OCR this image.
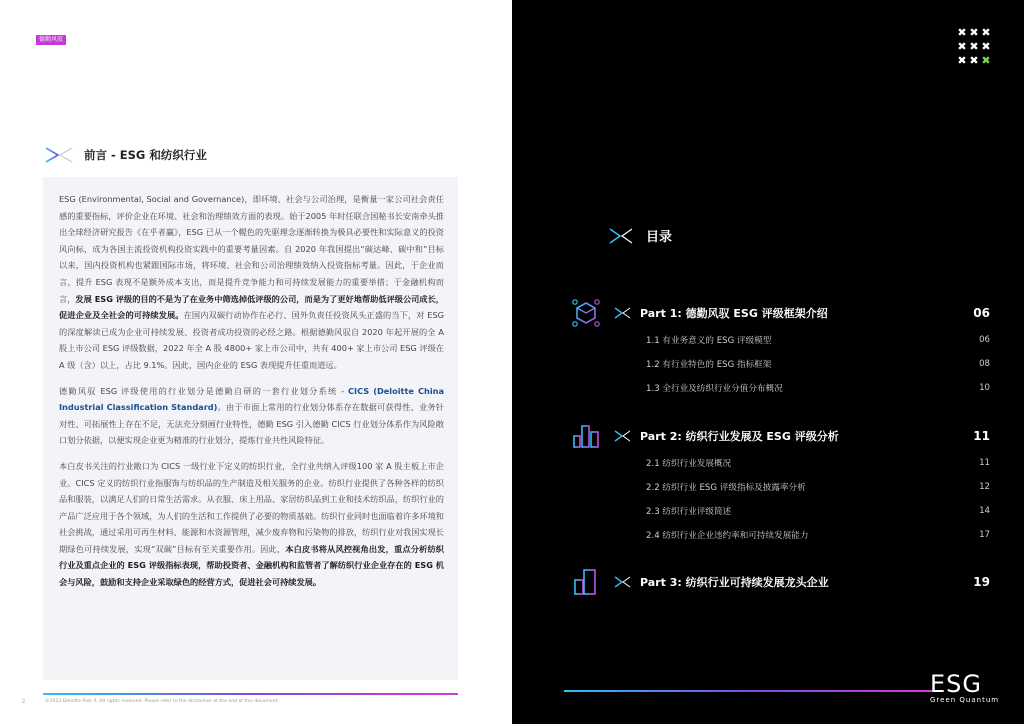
德勤风驭
前言 - ESG 和纺织行业

ESG (Environmental, Social and Governance)，即环境、社会与公司治理，是衡量一家公司社会责任感的重要指标，评价企业在环境、社会和治理绩效方面的表现。始于2005 年时任联合国秘书长安南牵头推出全球经济研究报告《在乎者赢》，ESG 已从一个幌色的先驱理念逐渐转换为极具必要性和实际意义的投资风向标，成为各国主流投资机构投资实践中的重要考量因素。自 2020 年我国提出“碳达峰、碳中和”目标以来，国内投资机构也紧跟国际市场，将环境、社会和公司治理绩效纳入投资指标考量。因此，于企业而言，提升 ESG 表现不是额外成本支出，而是提升竞争能力和可持续发展能力的重要举措；于金融机构而言，发展 ESG 评级的目的不是为了在业务中筛选掉低评级的公司，而是为了更好地帮助低评级公司成长，促进企业及全社会的可持续发展。在国内双碳行动协作在必行、国外负责任投资风头正盛的当下，对 ESG 的深度解读已成为企业可持续发展、投资者成功投资的必经之路。根据德勤风驭自 2020 年起开展的全 A 股上市公司 ESG 评级数据，2022 年全 A 股 4800+ 家上市公司中，共有 400+ 家上市公司 ESG 评级在 A 级（含）以上，占比 9.1%。因此，国内企业的 ESG 表现提升任重而道远。

德勤风驭 ESG 评级使用的行业划分是德勤自研的一套行业划分系统 - CICS (Deloitte China Industrial Classification Standard)。由于市面上常用的行业划分体系存在数据可获得性、业务针对性、可拓展性上存在不足，无法充分刻画行业特性，德勤 ESG 引入德勤 CICS 行业划分体系作为风险敞口划分依据，以便实现企业更为精准的行业划分，提炼行业共性风险特征。

本白皮书关注的行业敞口为 CICS 一级行业下定义的纺织行业，全行业共纳入评级100 家 A 股主板上市企业。CICS 定义的纺织行业指服饰与纺织品的生产制造及相关服务的企业。纺织行业提供了各种各样的纺织品和服装，以满足人们的日常生活需求。从衣服、床上用品、家居纺织品到工业和技术纺织品，纺织行业的产品广泛应用于各个领域，为人们的生活和工作提供了必要的物质基础。纺织行业同时也面临着许多环境和社会挑战，通过采用可再生材料、能源和水资源管理，减少废弃物和污染物的排放，纺织行业对我国实现长期绿色可持续发展，实现“双碳”目标有至关重要作用。因此，本白皮书将从风控视角出发，重点分析纺织行业及重点企业的 ESG 评级指标表现，帮助投资者、金融机构和监管者了解纺织行业企业存在的 ESG 机会与风险，鼓励和支持企业采取绿色的经营方式，促进社会可持续发展。

2	©2023 Deloitte Risk X. All rights reserved. Please refer to the disclaimer at the end of this document.
✖ ✖ ✖
✖ ✖ ✖
✖ ✖ ✖
目录
Part 1: 德勤风驭 ESG 评级框架介绍	06
1.1 有业务意义的 ESG 评级模型	06
1.2 有行业特色的 ESG 指标框架	08
1.3 全行业及纺织行业分值分布概况	10
Part 2: 纺织行业发展及 ESG 评级分析	11
2.1 纺织行业发展概况	11
2.2 纺织行业 ESG 评级指标及披露率分析	12
2.3 纺织行业评级简述	14
2.4 纺织行业企业违约率和可持续发展能力	17
Part 3: 纺织行业可持续发展龙头企业	19
ESG
Green Quantum
